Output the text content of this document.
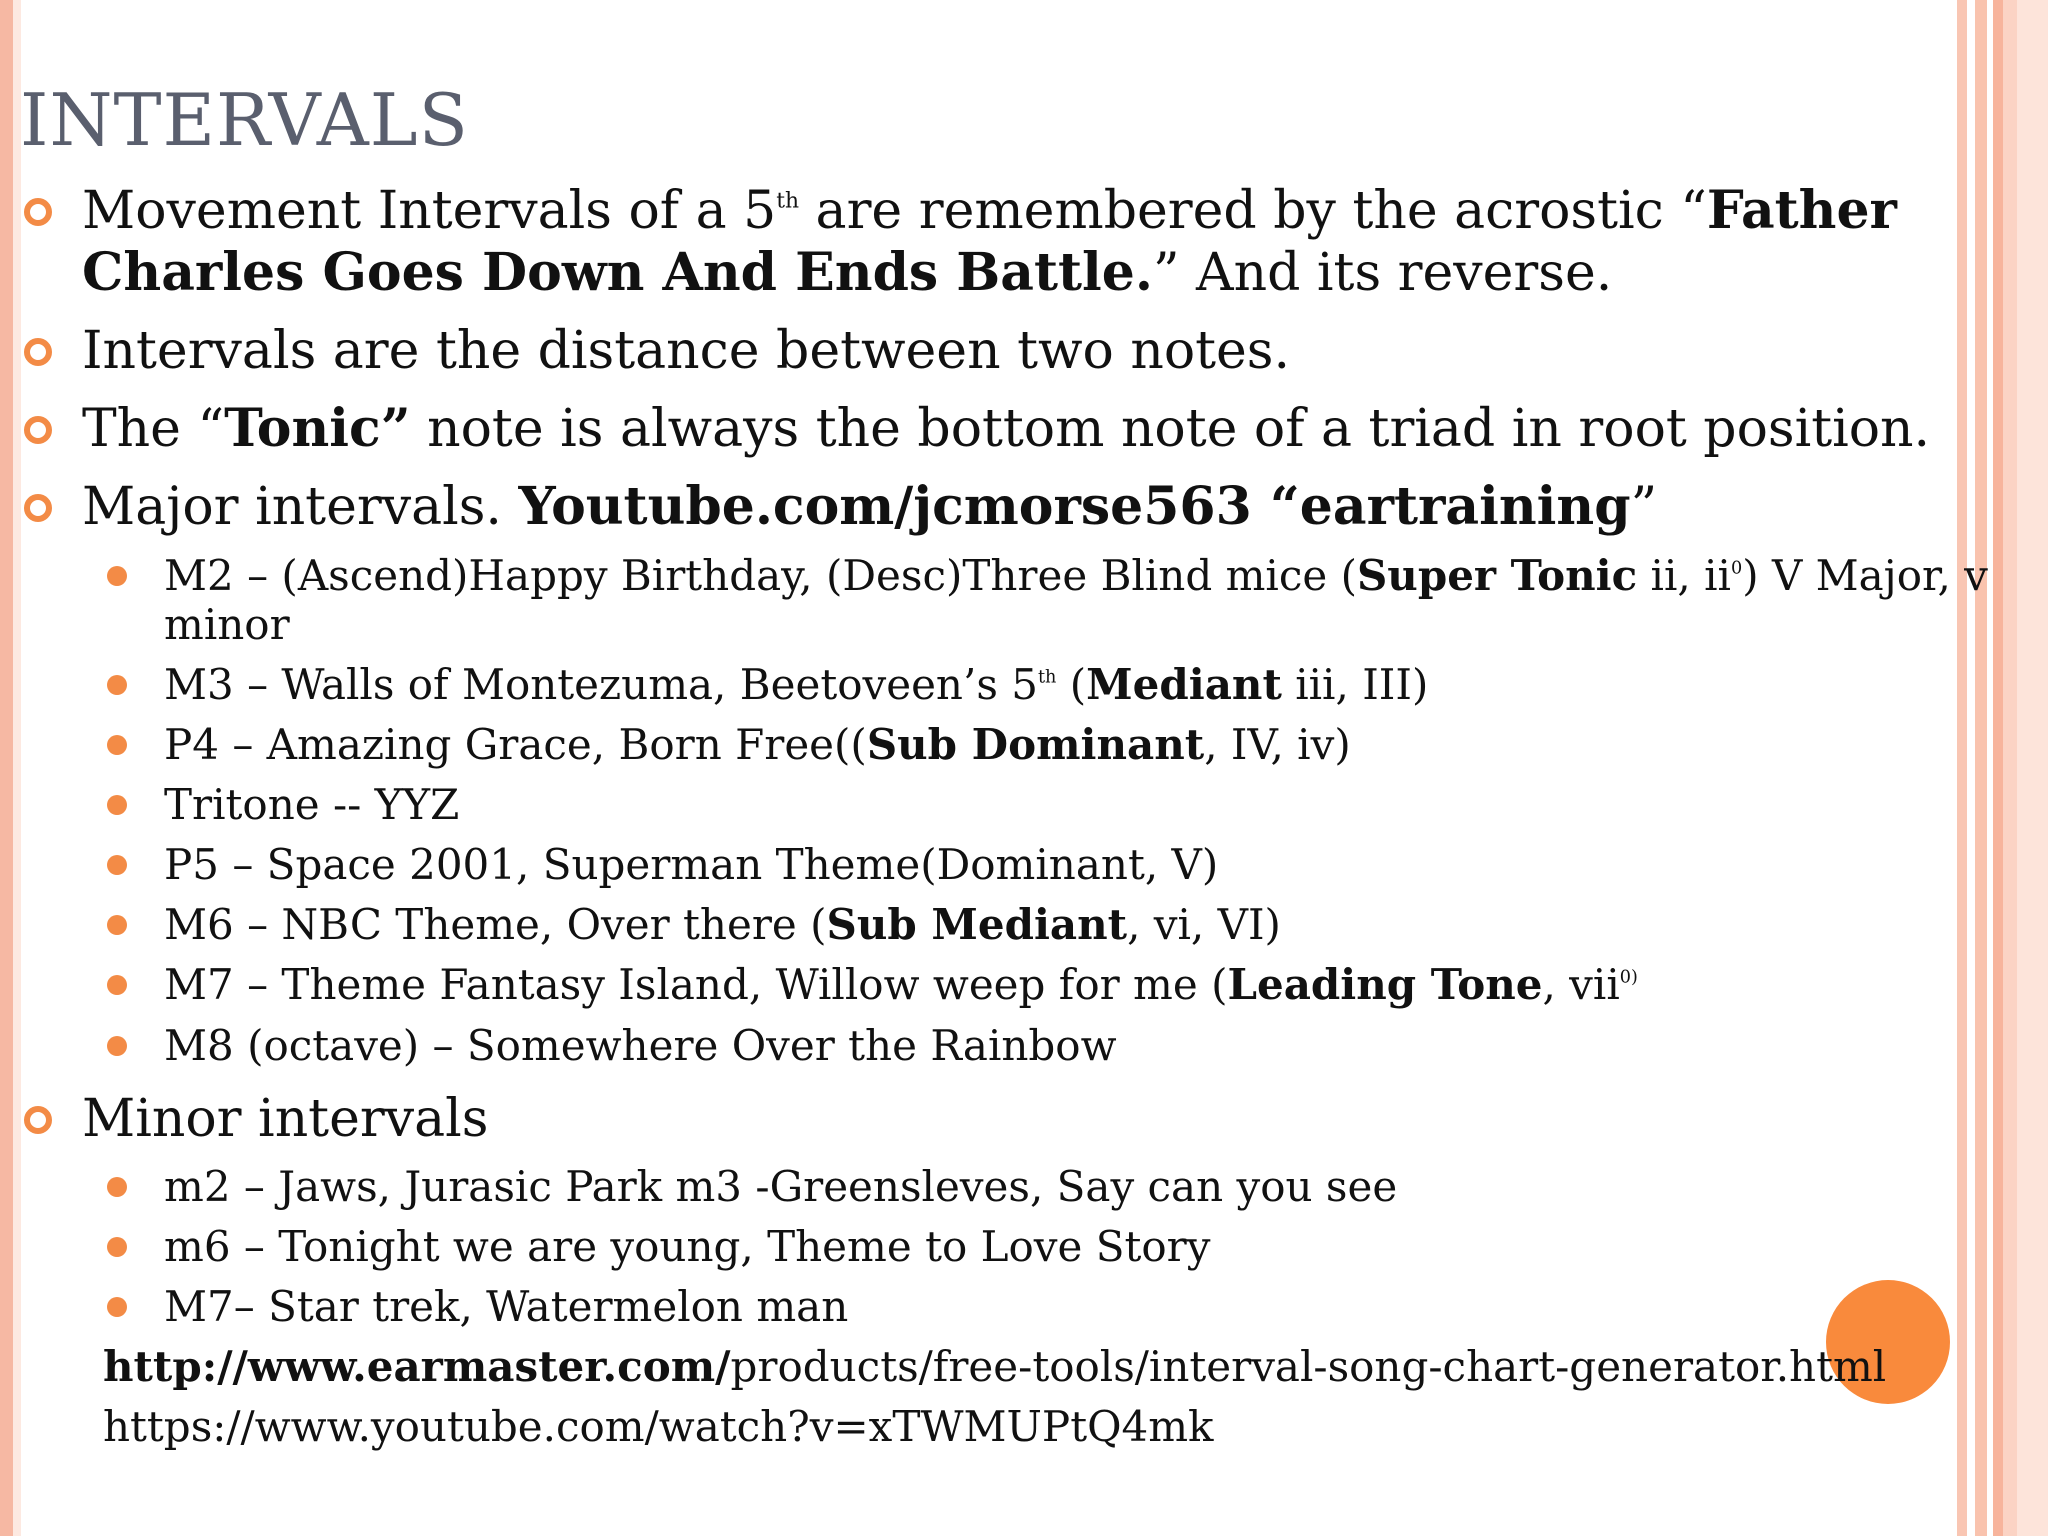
INTERVALS
Movement Intervals of a 5th are remembered by the acrostic “Father
Charles Goes Down And Ends Battle.” And its reverse.
Intervals are the distance between two notes.
The “Tonic” note is always the bottom note of a triad in root position.
Major intervals. Youtube.com/jcmorse563 “eartraining”
M2 – (Ascend)Happy Birthday, (Desc)Three Blind mice (Super Tonic ii, $ii^0$) V Major, v
minor
M3 – Walls of Montezuma, Beetoveen’s 5th (Mediant iii, III)
P4 – Amazing Grace, Born Free((Sub Dominant, IV, iv)
Tritone -- YYZ
P5 – Space 2001, Superman Theme(Dominant, V)
M6 – NBC Theme, Over there (Sub Mediant, vi, VI)
M7 – Theme Fantasy Island, Willow weep for me (Leading Tone, vii$^{0)}$
M8 (octave) – Somewhere Over the Rainbow
Minor intervals
m2 – Jaws, Jurasic Park m3 -Greensleves, Say can you see
m6 – Tonight we are young, Theme to Love Story
M7– Star trek, Watermelon man
http://www.earmaster.com/products/free-tools/interval-song-chart-generator.html
https://www.youtube.com/watch?v=xTWMUPtQ4mk
